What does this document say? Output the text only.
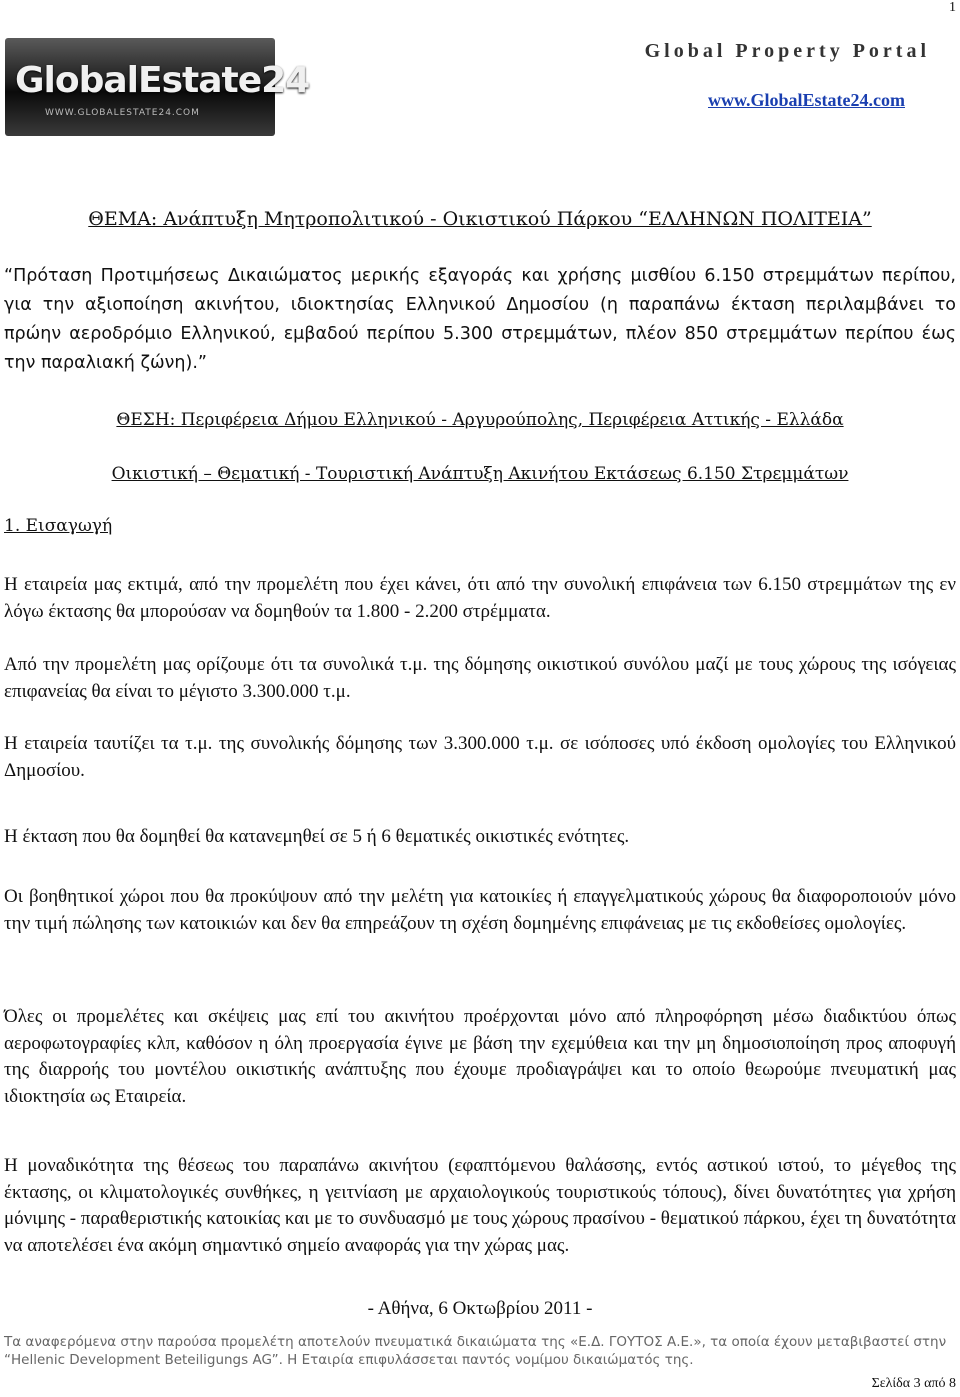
1
GlobalEstate24
WWW.GLOBALESTATE24.COM
Global Property Portal
www.GlobalEstate24.com
ΘΕΜΑ: Ανάπτυξη Μητροπολιτικού - Οικιστικού Πάρκου “ΕΛΛΗΝΩΝ ΠΟΛΙΤΕΙΑ”
“Πρόταση Προτιμήσεως Δικαιώματος μερικής εξαγοράς και χρήσης μισθίου 6.150 στρεμμάτων περίπου, για την αξιοποίηση ακινήτου, ιδιοκτησίας Ελληνικού Δημοσίου (η παραπάνω έκταση περιλαμβάνει το πρώην αεροδρόμιο Ελληνικού, εμβαδού περίπου 5.300 στρεμμάτων, πλέον 850 στρεμμάτων περίπου έως την παραλιακή ζώνη).”
ΘΕΣΗ: Περιφέρεια Δήμου Ελληνικού - Αργυρούπολης, Περιφέρεια Αττικής - Ελλάδα
Οικιστική – Θεματική - Τουριστική Ανάπτυξη Ακινήτου Εκτάσεως 6.150 Στρεμμάτων
1. Εισαγωγή
Η εταιρεία μας εκτιμά, από την προμελέτη που έχει κάνει, ότι από την συνολική επιφάνεια των 6.150 στρεμμάτων της εν λόγω έκτασης θα μπορούσαν να δομηθούν τα 1.800 - 2.200 στρέμματα.
Από την προμελέτη μας ορίζουμε ότι τα συνολικά τ.μ. της δόμησης οικιστικού συνόλου μαζί με τους χώρους της ισόγειας επιφανείας θα είναι το μέγιστο 3.300.000 τ.μ.
Η εταιρεία ταυτίζει τα τ.μ. της συνολικής δόμησης των 3.300.000 τ.μ. σε ισόποσες υπό έκδοση ομολογίες του Ελληνικού Δημοσίου.
Η έκταση που θα δομηθεί θα κατανεμηθεί σε 5 ή 6 θεματικές οικιστικές ενότητες.
Οι βοηθητικοί χώροι που θα προκύψουν από την μελέτη για κατοικίες ή επαγγελματικούς χώρους θα διαφοροποιούν μόνο την τιμή πώλησης των κατοικιών και δεν θα επηρεάζουν τη σχέση δομημένης επιφάνειας με τις εκδοθείσες ομολογίες.
Όλες οι προμελέτες και σκέψεις μας επί του ακινήτου προέρχονται μόνο από πληροφόρηση μέσω διαδικτύου όπως αεροφωτογραφίες κλπ, καθόσον η όλη προεργασία έγινε με βάση την εχεμύθεια και την μη δημοσιοποίηση προς αποφυγή της διαρροής του μοντέλου οικιστικής ανάπτυξης που έχουμε προδιαγράψει και το οποίο θεωρούμε πνευματική μας ιδιοκτησία ως Εταιρεία.
Η μοναδικότητα της θέσεως του παραπάνω ακινήτου (εφαπτόμενου θαλάσσης, εντός αστικού ιστού, το μέγεθος της έκτασης, οι κλιματολογικές συνθήκες, η γειτνίαση με αρχαιολογικούς τουριστικούς τόπους), δίνει δυνατότητες για χρήση μόνιμης - παραθεριστικής κατοικίας και με το συνδυασμό με τους χώρους πρασίνου - θεματικού πάρκου, έχει τη δυνατότητα να αποτελέσει ένα ακόμη σημαντικό σημείο αναφοράς για την χώρας μας.
- Αθήνα, 6 Οκτωβρίου 2011 -
Τα αναφερόμενα στην παρούσα προμελέτη αποτελούν πνευματικά δικαιώματα της «Ε.Δ. ΓΟΥΤΟΣ Α.Ε.», τα οποία έχουν μεταβιβαστεί στην “Hellenic Development Beteiligungs AG”. Η Εταιρία επιφυλάσσεται παντός νομίμου δικαιώματός της.
Σελίδα 3 από 8
